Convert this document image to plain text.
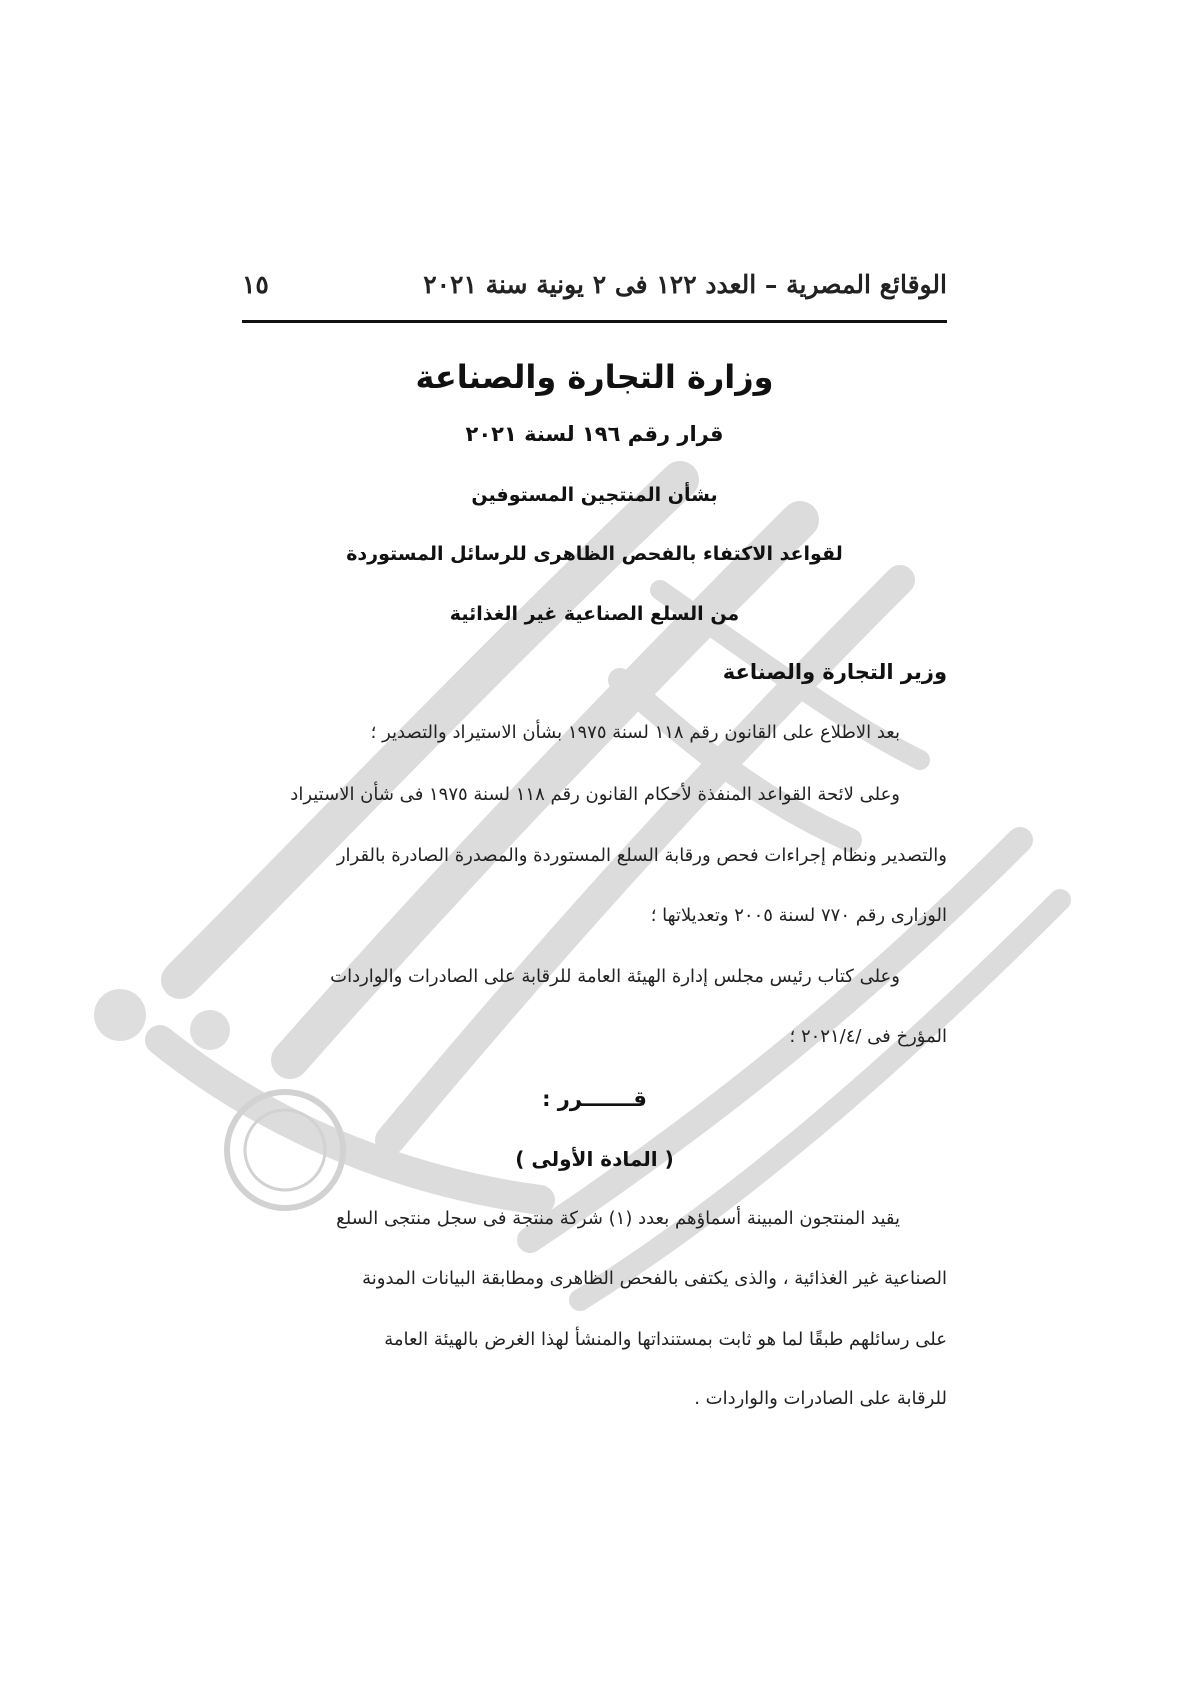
الوقائع المصرية – العدد ١٢٢ فى ٢ يونية سنة ٢٠٢١
١٥
وزارة التجارة والصناعة
قرار رقم ١٩٦ لسنة ٢٠٢١
بشأن المنتجين المستوفين
لقواعد الاكتفاء بالفحص الظاهرى للرسائل المستوردة
من السلع الصناعية غير الغذائية
وزير التجارة والصناعة
بعد الاطلاع على القانون رقم ١١٨ لسنة ١٩٧٥ بشأن الاستيراد والتصدير ؛
وعلى لائحة القواعد المنفذة لأحكام القانون رقم ١١٨ لسنة ١٩٧٥ فى شأن الاستيراد
والتصدير ونظام إجراءات فحص ورقابة السلع المستوردة والمصدرة الصادرة بالقرار
الوزارى رقم ٧٧٠ لسنة ٢٠٠٥ وتعديلاتها ؛
وعلى كتاب رئيس مجلس إدارة الهيئة العامة للرقابة على الصادرات والواردات
المؤرخ فى /٢٠٢١/٤ ؛
قـــــــرر :
( المادة الأولى )
يقيد المنتجون المبينة أسماؤهم بعدد (١) شركة منتجة فى سجل منتجى السلع
الصناعية غير الغذائية ، والذى يكتفى بالفحص الظاهرى ومطابقة البيانات المدونة
على رسائلهم طبقًا لما هو ثابت بمستنداتها والمنشأ لهذا الغرض بالهيئة العامة
للرقابة على الصادرات والواردات .
